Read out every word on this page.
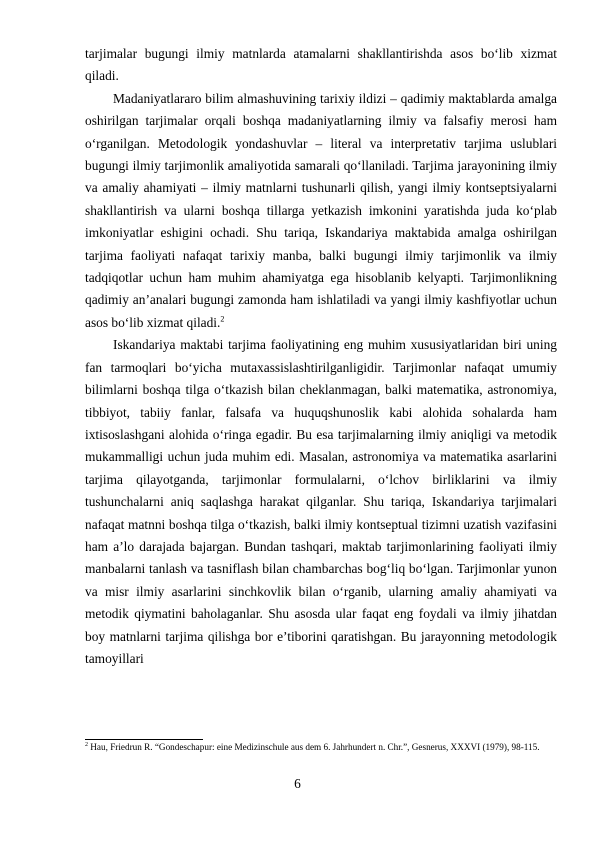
tarjimalar bugungi ilmiy matnlarda atamalarni shakllantirishda asos bo‘lib xizmat qiladi.

Madaniyatlararo bilim almashuvining tarixiy ildizi – qadimiy maktablarda amalga oshirilgan tarjimalar orqali boshqa madaniyatlarning ilmiy va falsafiy merosi ham o‘rganilgan. Metodologik yondashuvlar – literal va interpretativ tarjima uslublari bugungi ilmiy tarjimonlik amaliyotida samarali qo‘llaniladi. Tarjima jarayonining ilmiy va amaliy ahamiyati – ilmiy matnlarni tushunarli qilish, yangi ilmiy kontseptsiyalarni shakllantirish va ularni boshqa tillarga yetkazish imkonini yaratishda juda ko‘plab imkoniyatlar eshigini ochadi. Shu tariqa, Iskandariya maktabida amalga oshirilgan tarjima faoliyati nafaqat tarixiy manba, balki bugungi ilmiy tarjimonlik va ilmiy tadqiqotlar uchun ham muhim ahamiyatga ega hisoblanib kelyapti. Tarjimonlikning qadimiy an’analari bugungi zamonda ham ishlatiladi va yangi ilmiy kashfiyotlar uchun asos bo‘lib xizmat qiladi.$^2$

Iskandariya maktabi tarjima faoliyatining eng muhim xususiyatlaridan biri uning fan tarmoqlari bo‘yicha mutaxassislashtirilganligidir. Tarjimonlar nafaqat umumiy bilimlarni boshqa tilga o‘tkazish bilan cheklanmagan, balki matematika, astronomiya, tibbiyot, tabiiy fanlar, falsafa va huquqshunoslik kabi alohida sohalarda ham ixtisoslashgani alohida o‘ringa egadir. Bu esa tarjimalarning ilmiy aniqligi va metodik mukammalligi uchun juda muhim edi. Masalan, astronomiya va matematika asarlarini tarjima qilayotganda, tarjimonlar formulalarni, o‘lchov birliklarini va ilmiy tushunchalarni aniq saqlashga harakat qilganlar. Shu tariqa, Iskandariya tarjimalari nafaqat matnni boshqa tilga o‘tkazish, balki ilmiy kontseptual tizimni uzatish vazifasini ham a’lo darajada bajargan. Bundan tashqari, maktab tarjimonlarining faoliyati ilmiy manbalarni tanlash va tasniflash bilan chambarchas bog‘liq bo‘lgan. Tarjimonlar yunon va misr ilmiy asarlarini sinchkovlik bilan o‘rganib, ularning amaliy ahamiyati va metodik qiymatini baholaganlar. Shu asosda ular faqat eng foydali va ilmiy jihatdan boy matnlarni tarjima qilishga bor e’tiborini qaratishgan. Bu jarayonning metodologik tamoyillari

$^2$ Hau, Friedrun R. “Gondeschapur: eine Medizinschule aus dem 6. Jahrhundert n. Chr.”, Gesnerus, XXXVI (1979), 98-115.
6
